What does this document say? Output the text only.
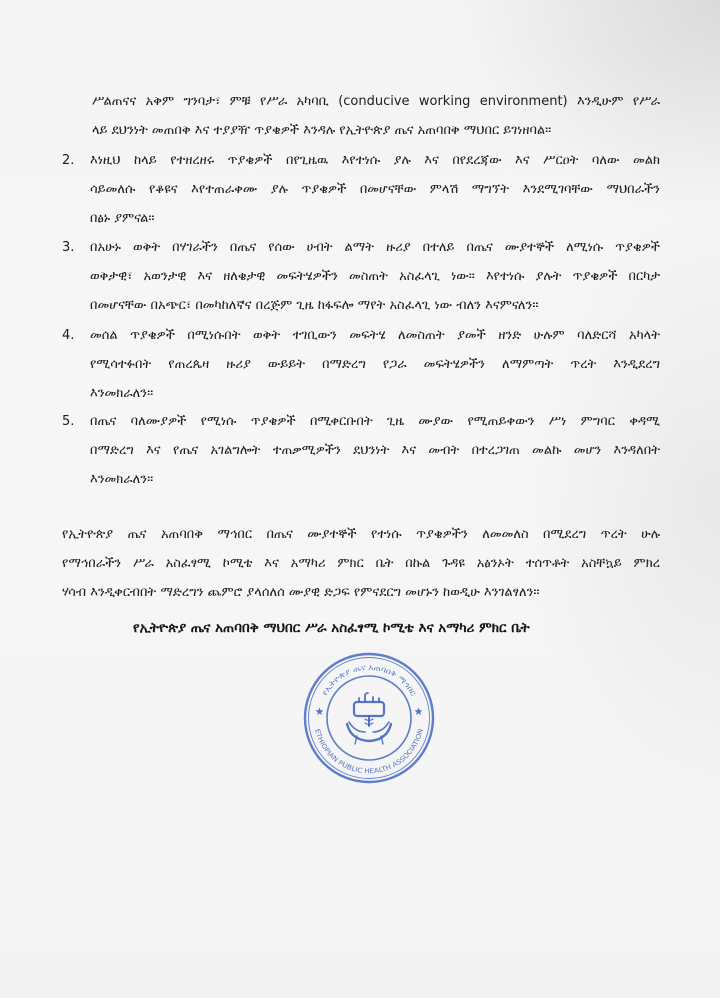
ሥልጠናና አቅም ግንባታ፣ ምቹ የሥራ አካባቢ (conducive working environment) እንዲሁም የሥራ
ላይ ደህንነት መጠበቅ እና ተያያዥ ጥያቄዎች እንዳሉ የኢትዮጵያ ጤና አጠባበቅ ማህበር ይገነዘባል።
2.	እነዚህ ከላይ የተዘረዘሩ ጥያቄዎች በየጊዜዉ እየተነሱ ያሉ እና በየደረጃው እና ሥርዐት ባለው መልክ
ሳይመለሱ የቆዩና እየተጠራቀሙ ያሉ ጥያቄዎች በመሆናቸው ምላሽ ማግኘት እንደሚገባቸው ማህበራችን
በፅኑ ያምናል።
3.	በአሁኑ ወቅት በሃገራችን በጤና የሰው ሀብት ልማት ዙሪያ በተለይ በጤና ሙያተኞች ለሚነሱ ጥያቄዎች
ወቅታዊ፣ አወንታዊ እና ዘለቄታዊ መፍትሄዎችን መስጠት አስፈላጊ ነው። እየተነሱ ያሉት ጥያቄዎች በርካታ
በመሆናቸው በአጭር፣ በመካከለኛና በረጅም ጊዜ ከፋፍሎ ማየት አስፈላጊ ነው ብለን እናምናለን።
4.	መሰል ጥያቄዎች በሚነሱበት ወቅት ተገቢውን መፍትሄ ለመስጠት ያመች ዘንድ ሁሉም ባለድርሻ አካላት
የሚሳተፉበት የጠረጴዛ ዙሪያ ውይይት በማድረግ የጋራ መፍትሄዎችን ለማምጣት ጥረት እንዲደረግ
እንመክራለን።
5.	በጤና ባለሙያዎች የሚነሱ ጥያቄዎች በሚቀርቡበት ጊዜ ሙያው የሚጠይቀውን ሥነ ምግባር ቀዳሚ
በማድረግ እና የጤና አገልግሎት ተጠቃሚዎችን ደህንነት እና መብት በተረጋገጠ መልኩ መሆን እንዳለበት
እንመክራለን።
የኢትዮጵያ ጤና አጠባበቅ ማኅበር በጤና ሙያተኞች የተነሱ ጥያቄዎችን ለመመለስ በሚደረግ ጥረት ሁሉ
የማኅበራችን ሥራ አስፈፃሚ ኮሚቴ እና አማካሪ ምክር ቤት በኩል ጉዳዩ አፅንኦት ተሰጥቶት አስቸኳይ ምክረ
ሃሳብ እንዲቀርብበት ማድረግን ጨምሮ ያላሰለሰ ሙያዊ ድጋፍ የምናደርግ መሆኑን ከወዲሁ እንገልፃለን።
የኢትዮጵያ ጤና አጠባበቅ ማህበር ሥራ አስፈፃሚ ኮሚቴ እና አማካሪ ምክር ቤት
የኢትዮጵያ ጤና አጠባበቅ ማኅበር
ETHIOPIAN PUBLIC HEALTH ASSOCIATION
